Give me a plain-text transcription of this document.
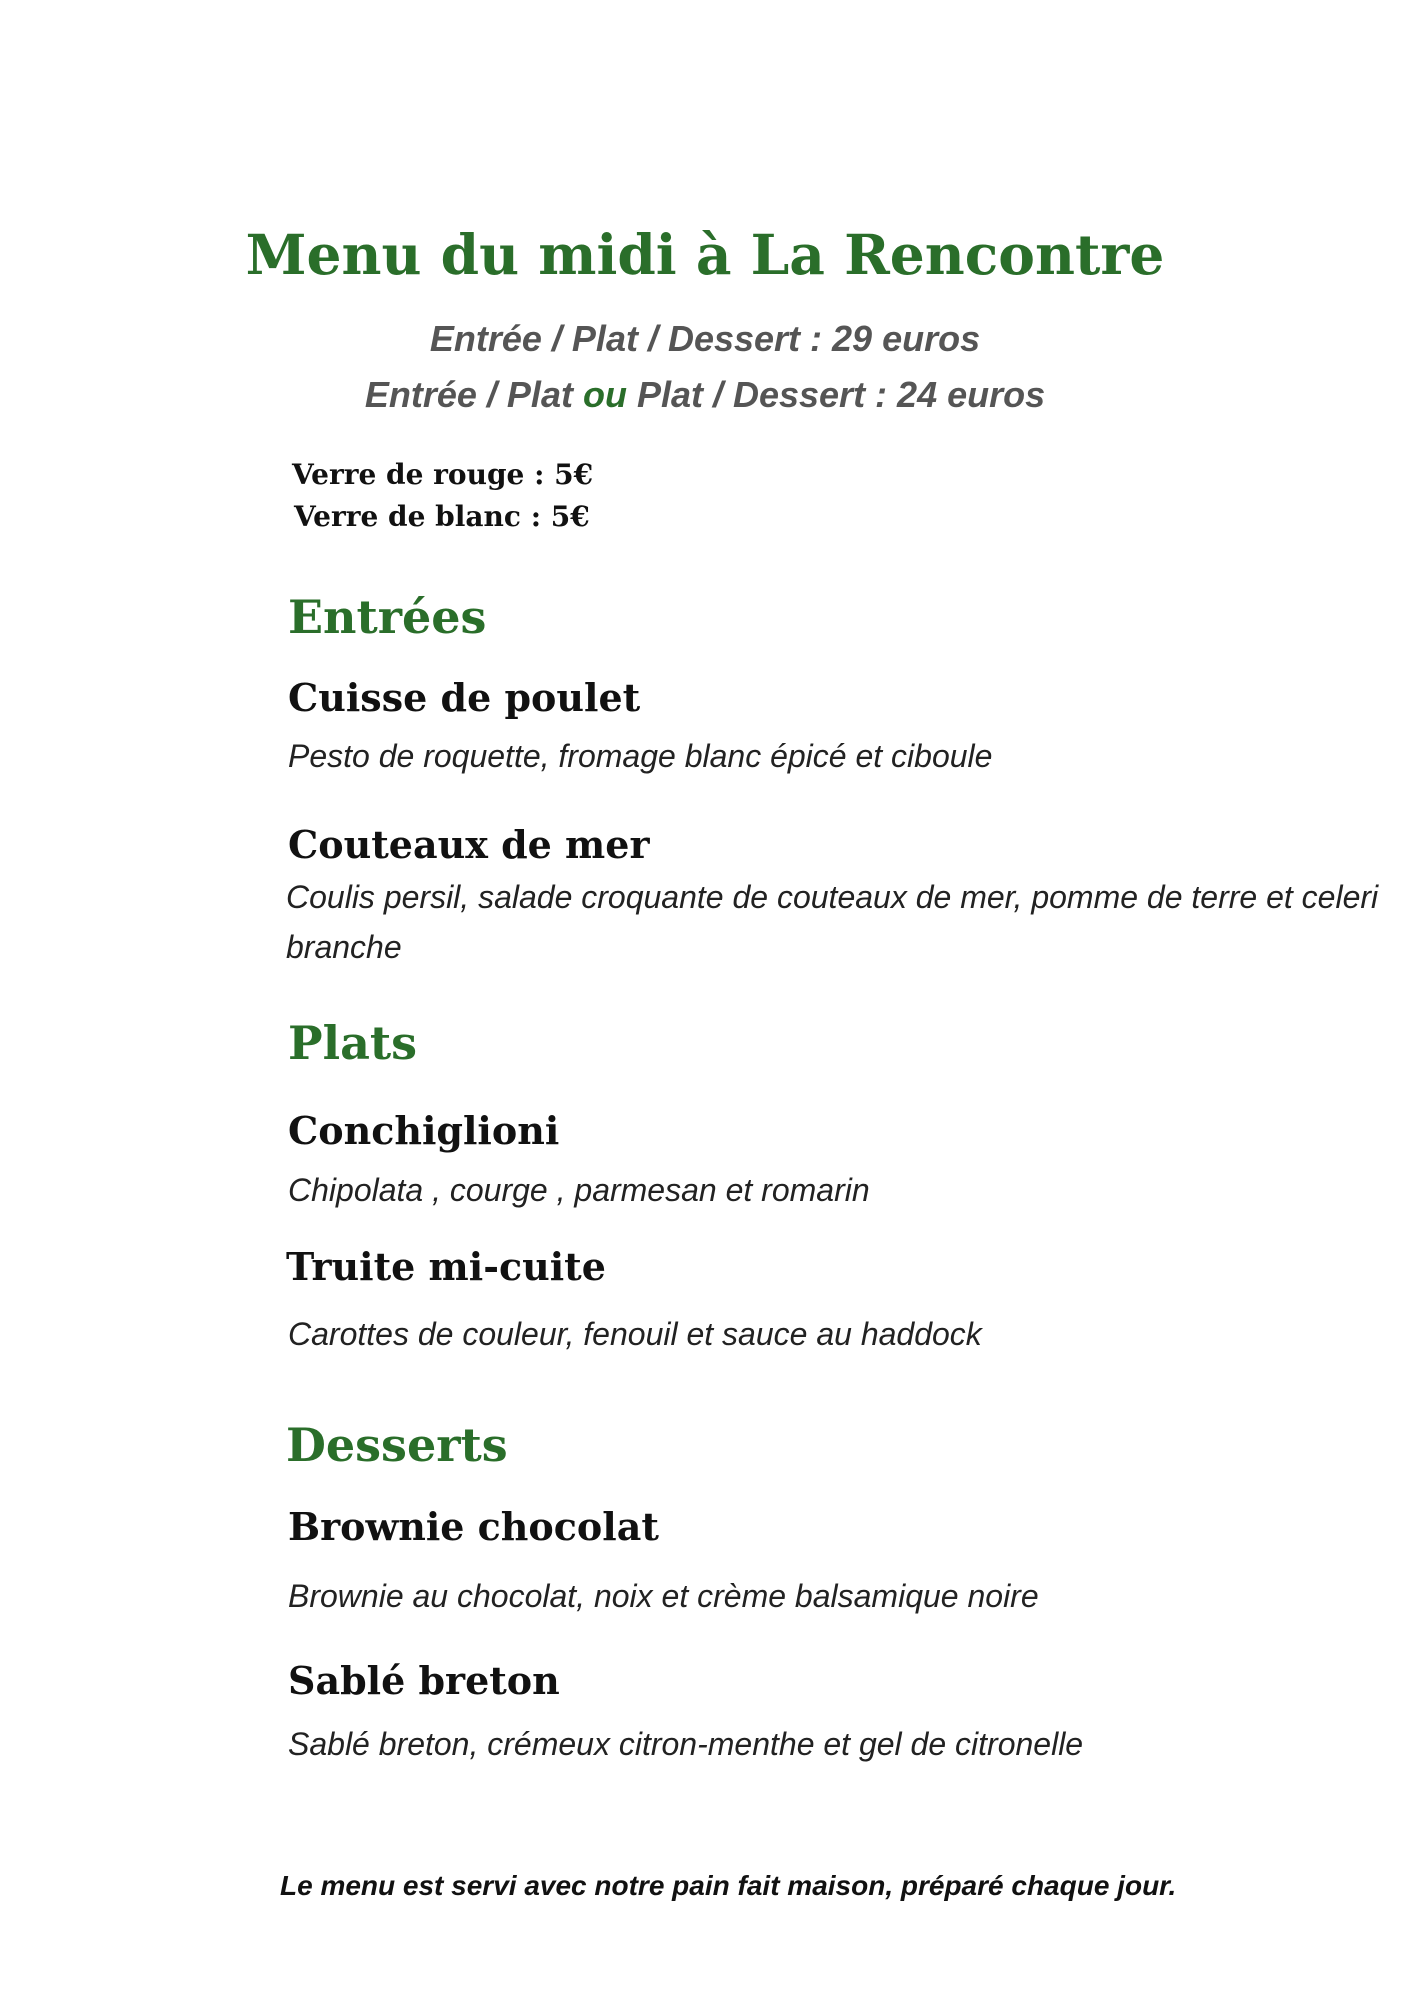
Menu du midi à La Rencontre
Entrée / Plat / Dessert : 29 euros
Entrée / Plat ou Plat / Dessert : 24 euros
Verre de rouge : 5€
Verre de blanc : 5€
Entrées
Cuisse de poulet

Pesto de roquette, fromage blanc épicé et ciboule

Couteaux de mer

Coulis persil, salade croquante de couteaux de mer, pomme de terre et celeri branche

Plats
Conchiglioni

Chipolata , courge , parmesan et romarin

Truite mi-cuite

Carottes de couleur, fenouil et sauce au haddock

Desserts
Brownie chocolat

Brownie au chocolat, noix et crème balsamique noire

Sablé breton

Sablé breton, crémeux citron-menthe et gel de citronelle

Le menu est servi avec notre pain fait maison, préparé chaque jour.
